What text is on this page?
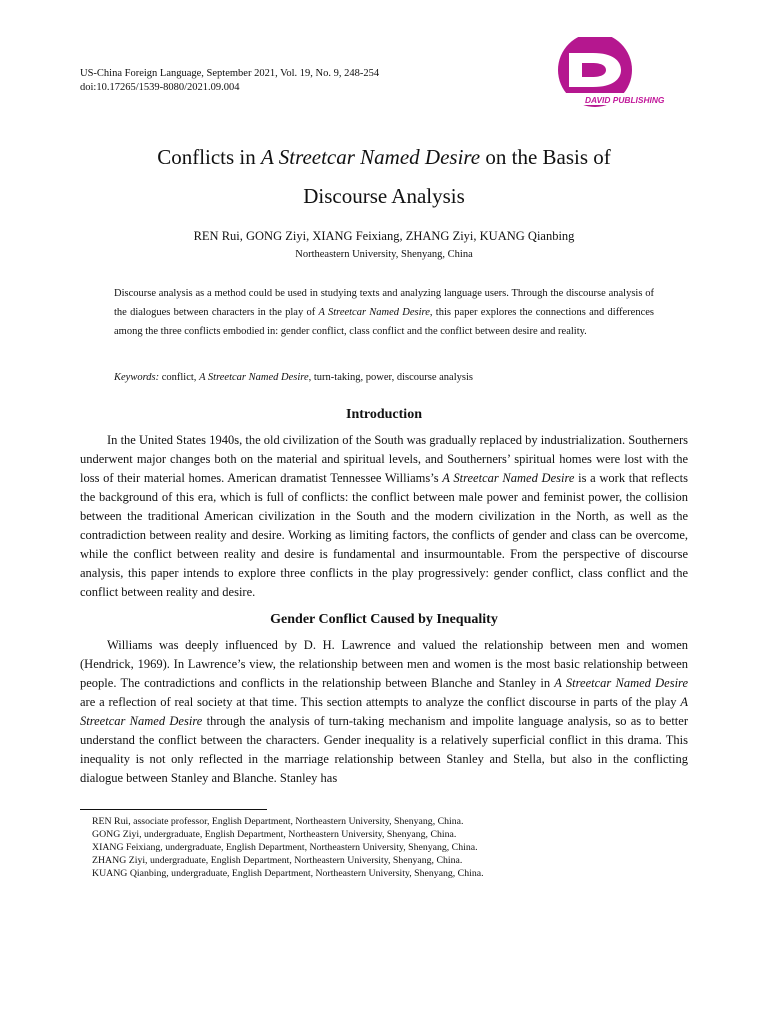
US-China Foreign Language, September 2021, Vol. 19, No. 9, 248-254
doi:10.17265/1539-8080/2021.09.004
DAVID PUBLISHING
Conflicts in A Streetcar Named Desire on the Basis of
Discourse Analysis
REN Rui, GONG Ziyi, XIANG Feixiang, ZHANG Ziyi, KUANG Qianbing
Northeastern University, Shenyang, China
Discourse analysis as a method could be used in studying texts and analyzing language users. Through the discourse analysis of the dialogues between characters in the play of A Streetcar Named Desire, this paper explores the connections and differences among the three conflicts embodied in: gender conflict, class conflict and the conflict between desire and reality.
Keywords: conflict, A Streetcar Named Desire, turn-taking, power, discourse analysis
Introduction

In the United States 1940s, the old civilization of the South was gradually replaced by industrialization. Southerners underwent major changes both on the material and spiritual levels, and Southerners’ spiritual homes were lost with the loss of their material homes. American dramatist Tennessee Williams’s A Streetcar Named Desire is a work that reflects the background of this era, which is full of conflicts: the conflict between male power and feminist power, the collision between the traditional American civilization in the South and the modern civilization in the North, as well as the contradiction between reality and desire. Working as limiting factors, the conflicts of gender and class can be overcome, while the conflict between reality and desire is fundamental and insurmountable. From the perspective of discourse analysis, this paper intends to explore three conflicts in the play progressively: gender conflict, class conflict and the conflict between reality and desire.

Gender Conflict Caused by Inequality

Williams was deeply influenced by D. H. Lawrence and valued the relationship between men and women (Hendrick, 1969). In Lawrence’s view, the relationship between men and women is the most basic relationship between people. The contradictions and conflicts in the relationship between Blanche and Stanley in A Streetcar Named Desire are a reflection of real society at that time. This section attempts to analyze the conflict discourse in parts of the play A Streetcar Named Desire through the analysis of turn-taking mechanism and impolite language analysis, so as to better understand the conflict between the characters. Gender inequality is a relatively superficial conflict in this drama. This inequality is not only reflected in the marriage relationship between Stanley and Stella, but also in the conflicting dialogue between Stanley and Blanche. Stanley has

REN Rui, associate professor, English Department, Northeastern University, Shenyang, China.
GONG Ziyi, undergraduate, English Department, Northeastern University, Shenyang, China.
XIANG Feixiang, undergraduate, English Department, Northeastern University, Shenyang, China.
ZHANG Ziyi, undergraduate, English Department, Northeastern University, Shenyang, China.
KUANG Qianbing, undergraduate, English Department, Northeastern University, Shenyang, China.
